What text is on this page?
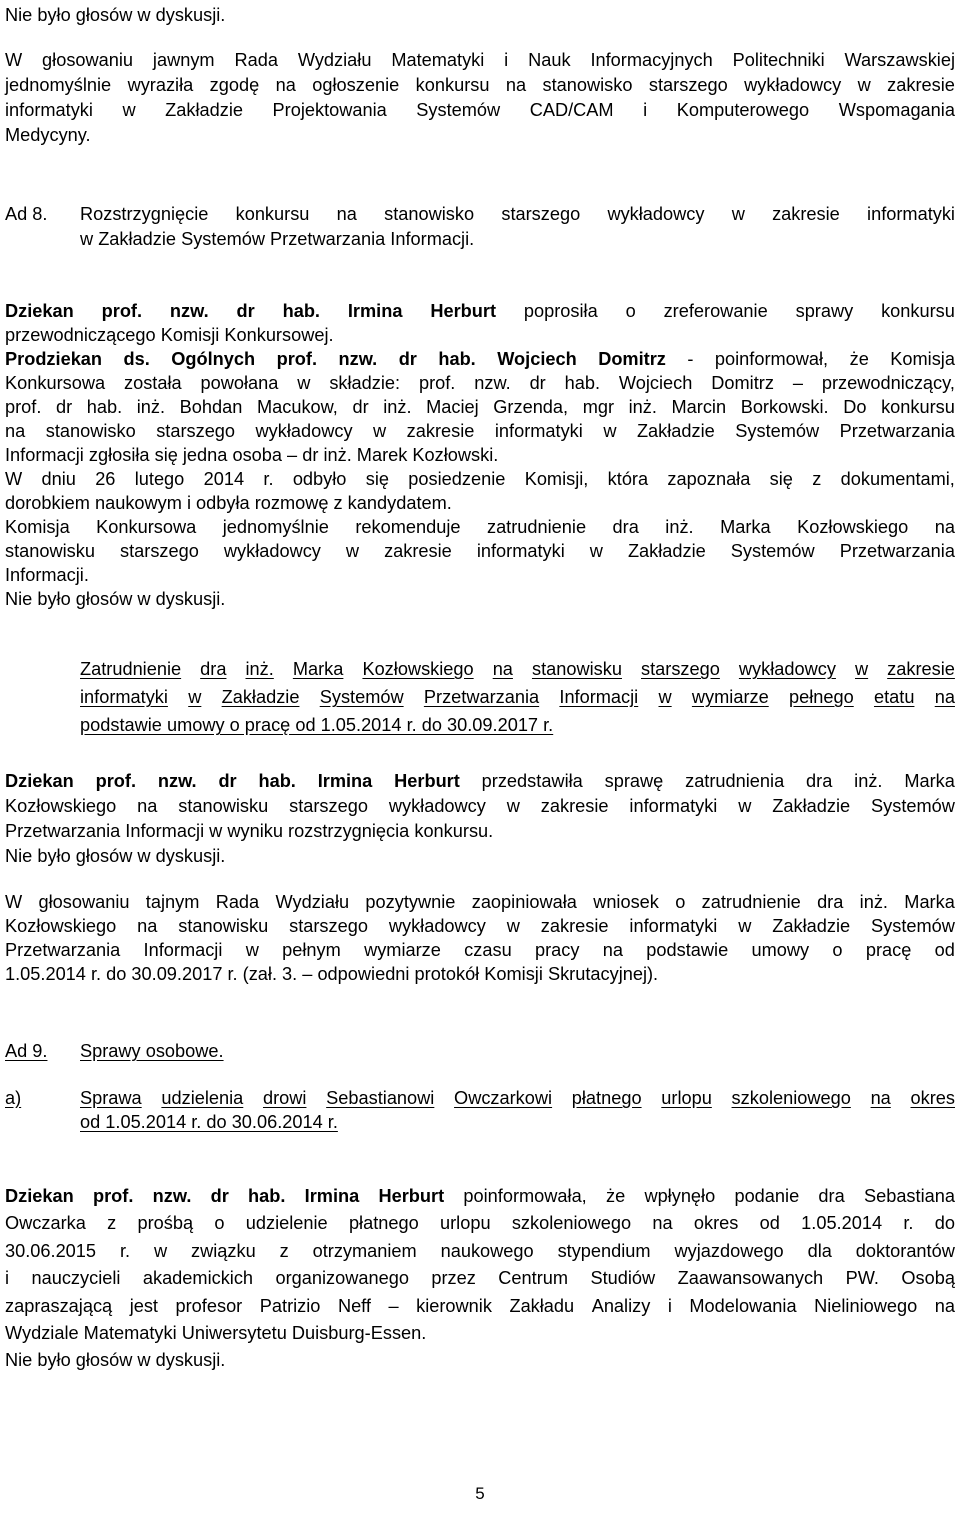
Nie było głosów w dyskusji.
W głosowaniu jawnym Rada Wydziału Matematyki i Nauk Informacyjnych Politechniki Warszawskiej
jednomyślnie wyraziła zgodę na ogłoszenie konkursu na stanowisko starszego wykładowcy w zakresie
informatyki w Zakładzie Projektowania Systemów CAD/CAM i Komputerowego Wspomagania
Medycyny.
Ad 8. Rozstrzygnięcie konkursu na stanowisko starszego wykładowcy w zakresie informatyki
w Zakładzie Systemów Przetwarzania Informacji.
Dziekan prof. nzw. dr hab. Irmina Herburt poprosiła o zreferowanie sprawy konkursu
przewodniczącego Komisji Konkursowej.
Prodziekan ds. Ogólnych prof. nzw. dr hab. Wojciech Domitrz - poinformował, że Komisja
Konkursowa została powołana w składzie: prof. nzw. dr hab. Wojciech Domitrz – przewodniczący,
prof. dr hab. inż. Bohdan Macukow, dr inż. Maciej Grzenda, mgr inż. Marcin Borkowski. Do konkursu
na stanowisko starszego wykładowcy w zakresie informatyki w Zakładzie Systemów Przetwarzania
Informacji zgłosiła się jedna osoba – dr inż. Marek Kozłowski.
W dniu 26 lutego 2014 r. odbyło się posiedzenie Komisji, która zapoznała się z dokumentami,
dorobkiem naukowym i odbyła rozmowę z kandydatem.
Komisja Konkursowa jednomyślnie rekomenduje zatrudnienie dra inż. Marka Kozłowskiego na
stanowisku starszego wykładowcy w zakresie informatyki w Zakładzie Systemów Przetwarzania
Informacji.
Nie było głosów w dyskusji.
Zatrudnienie dra inż. Marka Kozłowskiego na stanowisku starszego wykładowcy w zakresie
informatyki w Zakładzie Systemów Przetwarzania Informacji w wymiarze pełnego etatu na
podstawie umowy o pracę od 1.05.2014 r. do 30.09.2017 r.
Dziekan prof. nzw. dr hab. Irmina Herburt przedstawiła sprawę zatrudnienia dra inż. Marka
Kozłowskiego na stanowisku starszego wykładowcy w zakresie informatyki w Zakładzie Systemów
Przetwarzania Informacji w wyniku rozstrzygnięcia konkursu.
Nie było głosów w dyskusji.
W głosowaniu tajnym Rada Wydziału pozytywnie zaopiniowała wniosek o zatrudnienie dra inż. Marka
Kozłowskiego na stanowisku starszego wykładowcy w zakresie informatyki w Zakładzie Systemów
Przetwarzania Informacji w pełnym wymiarze czasu pracy na podstawie umowy o pracę od
1.05.2014 r. do 30.09.2017 r. (zał. 3. – odpowiedni protokół Komisji Skrutacyjnej).
Ad 9. Sprawy osobowe.
a)	Sprawa udzielenia drowi Sebastianowi Owczarkowi płatnego urlopu szkoleniowego na okres
od 1.05.2014 r. do 30.06.2014 r.
Dziekan prof. nzw. dr hab. Irmina Herburt poinformowała, że wpłynęło podanie dra Sebastiana
Owczarka z prośbą o udzielenie płatnego urlopu szkoleniowego na okres od 1.05.2014 r. do
30.06.2015 r. w związku z otrzymaniem naukowego stypendium wyjazdowego dla doktorantów
i nauczycieli akademickich organizowanego przez Centrum Studiów Zaawansowanych PW. Osobą
zapraszającą jest profesor Patrizio Neff – kierownik Zakładu Analizy i Modelowania Nieliniowego na
Wydziale Matematyki Uniwersytetu Duisburg-Essen.
Nie było głosów w dyskusji.
5
